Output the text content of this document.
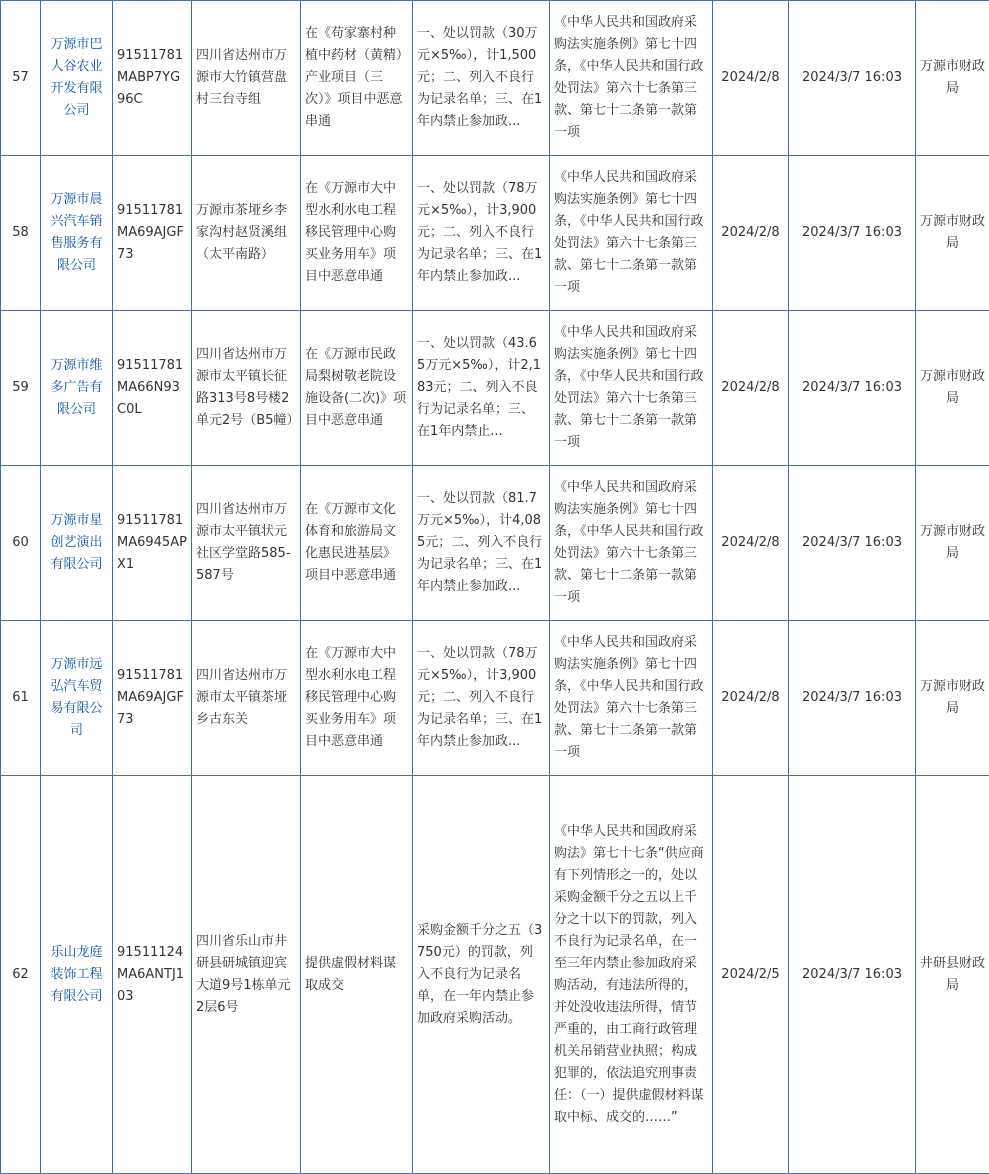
57	万源市巴人谷农业开发有限公司	91511781MABP7YG96C	四川省达州市万源市大竹镇营盘村三台寺组	在《苟家寨村种植中药材（黄精）产业项目（三次）》项目中恶意串通	一、处以罚款（30万元×5‰），计1,500元；二、列入不良行为记录名单；三、在1年内禁止参加政...	《中华人民共和国政府采购法实施条例》第七十四条，《中华人民共和国行政处罚法》第六十七条第三款、第七十二条第一款第一项	2024/2/8	2024/3/7 16:03	万源市财政局
58	万源市晨兴汽车销售服务有限公司	91511781MA69AJGF73	万源市茶垭乡李家沟村赵贤溪组（太平南路）	在《万源市大中型水利水电工程移民管理中心购买业务用车》项目中恶意串通	一、处以罚款（78万元×5‰），计3,900元；二、列入不良行为记录名单；三、在1年内禁止参加政...	《中华人民共和国政府采购法实施条例》第七十四条，《中华人民共和国行政处罚法》第六十七条第三款、第七十二条第一款第一项	2024/2/8	2024/3/7 16:03	万源市财政局
59	万源市维多广告有限公司	91511781MA66N93C0L	四川省达州市万源市太平镇长征路313号8号楼2单元2号（B5幢）	在《万源市民政局梨树敬老院设施设备(二次)》项目中恶意串通	一、处以罚款（43.65万元×5‰），计2,183元；二、列入不良行为记录名单；三、在1年内禁止...	《中华人民共和国政府采购法实施条例》第七十四条，《中华人民共和国行政处罚法》第六十七条第三款、第七十二条第一款第一项	2024/2/8	2024/3/7 16:03	万源市财政局
60	万源市星创艺演出有限公司	91511781MA6945APX1	四川省达州市万源市太平镇状元社区学堂路585-587号	在《万源市文化体育和旅游局文化惠民进基层》项目中恶意串通	一、处以罚款（81.7万元×5‰），计4,085元；二、列入不良行为记录名单；三、在1年内禁止参加政...	《中华人民共和国政府采购法实施条例》第七十四条，《中华人民共和国行政处罚法》第六十七条第三款、第七十二条第一款第一项	2024/2/8	2024/3/7 16:03	万源市财政局
61	万源市远弘汽车贸易有限公司	91511781MA69AJGF73	四川省达州市万源市太平镇茶垭乡古东关	在《万源市大中型水利水电工程移民管理中心购买业务用车》项目中恶意串通	一、处以罚款（78万元×5‰），计3,900元；二、列入不良行为记录名单；三、在1年内禁止参加政...	《中华人民共和国政府采购法实施条例》第七十四条，《中华人民共和国行政处罚法》第六十七条第三款、第七十二条第一款第一项	2024/2/8	2024/3/7 16:03	万源市财政局
62	乐山龙庭装饰工程有限公司	91511124MA6ANTJ103	四川省乐山市井研县研城镇迎宾大道9号1栋单元2层6号	提供虚假材料谋取成交	采购金额千分之五（3750元）的罚款，列入不良行为记录名单，在一年内禁止参加政府采购活动。	《中华人民共和国政府采购法》第七十七条“供应商有下列情形之一的，处以采购金额千分之五以上千分之十以下的罚款，列入不良行为记录名单，在一至三年内禁止参加政府采购活动，有违法所得的，并处没收违法所得，情节严重的，由工商行政管理机关吊销营业执照；构成犯罪的，依法追究刑事责任：（一）提供虚假材料谋取中标、成交的……”	2024/2/5	2024/3/7 16:03	井研县财政局
